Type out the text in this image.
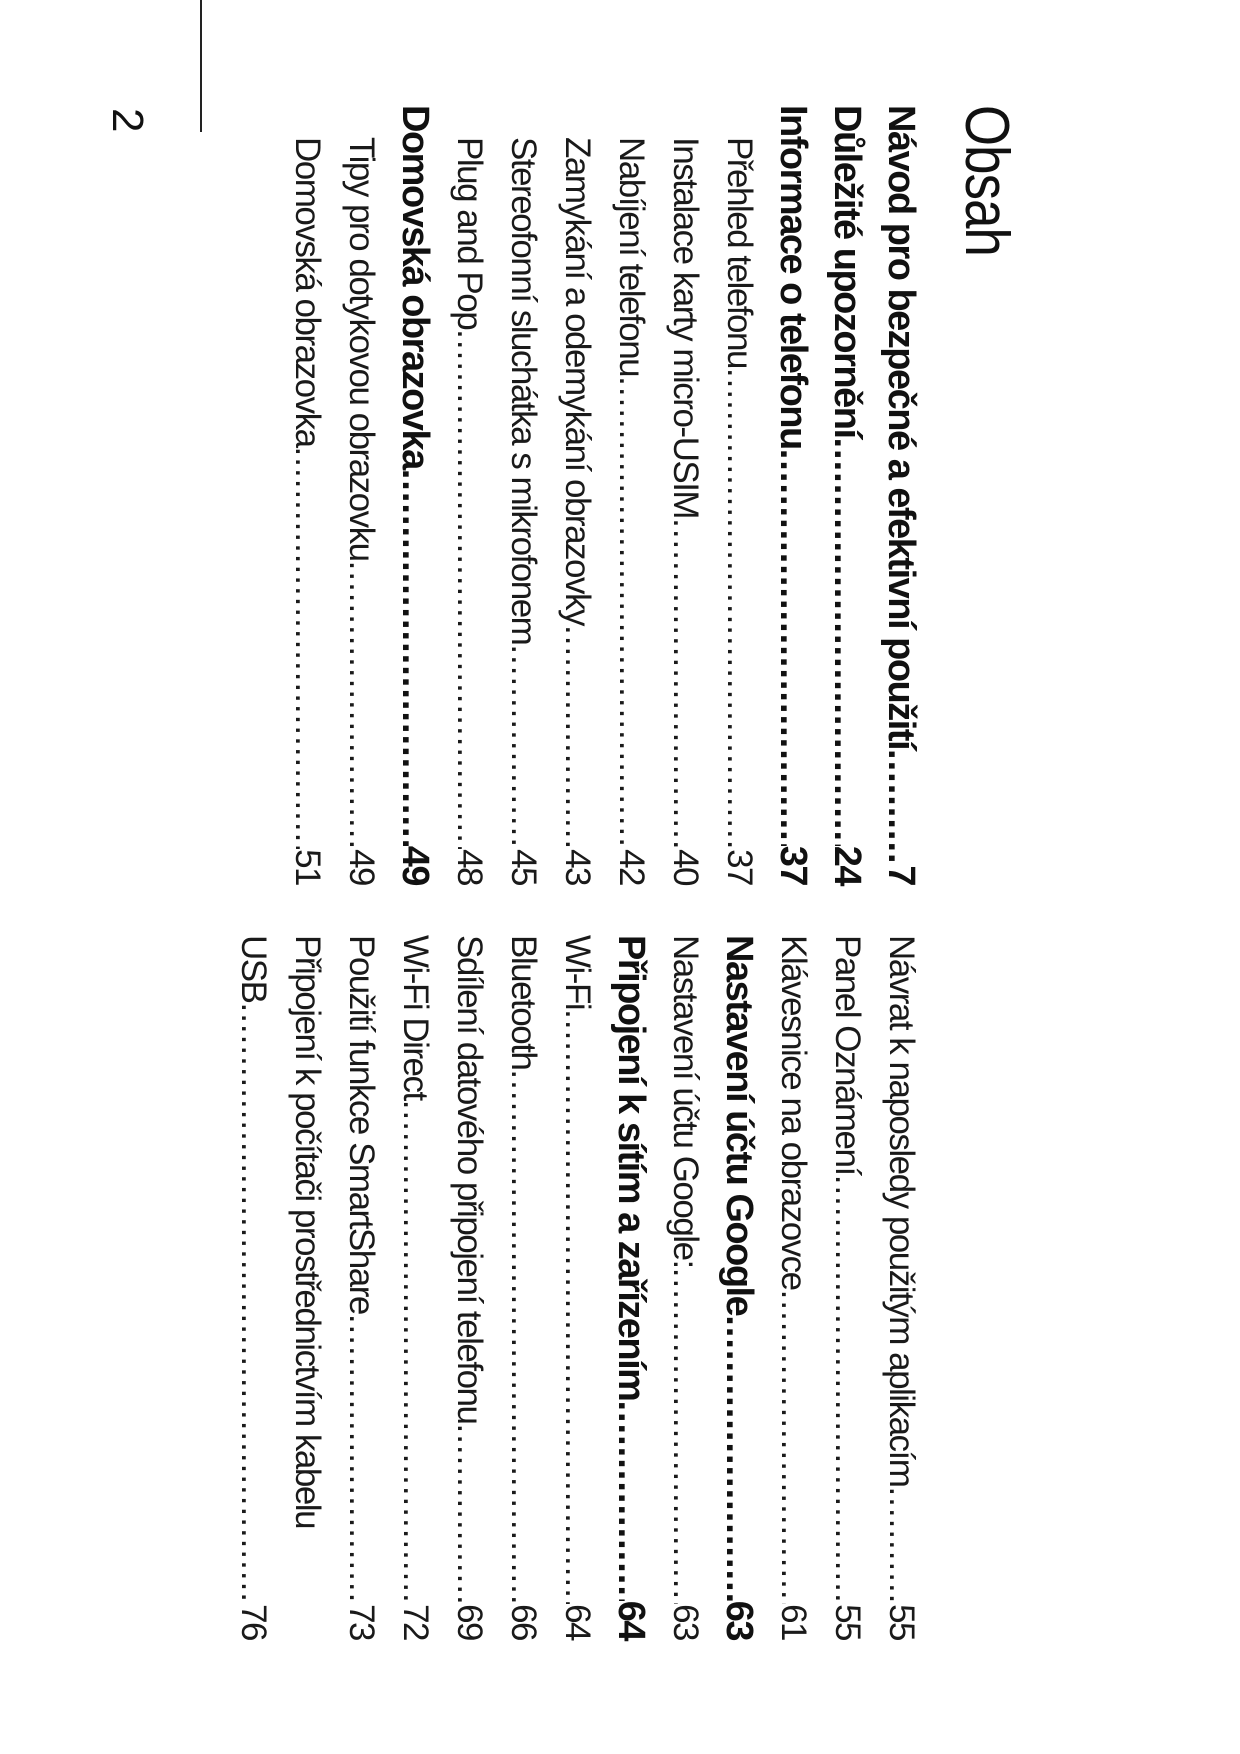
Obsah
Návod pro bezpečné a efektivní použití
.....
7
Důležité upozornění
.....
24
Informace o telefonu
.....
37
Přehled telefonu
.....
37
Instalace karty micro-USIM
.....
40
Nabíjení telefonu
.....
42
Zamykání a odemykání obrazovky
.....
43
Stereofonní sluchátka s mikrofonem
.....
45
Plug and Pop
.....
48
Domovská obrazovka
.....
49
Tipy pro dotykovou obrazovku
.....
49
Domovská obrazovka
.....
51
Návrat k naposledy použitým aplikacím
.....
55
Panel Oznámení
.....
55
Klávesnice na obrazovce
.....
61
Nastavení účtu Google
.....
63
Nastavení účtu Google:
.....
63
Připojení k sítím a zařízením
.....
64
Wi-Fi
.....
64
Bluetooth
.....
66
Sdílení datového připojení telefonu
.....
69
Wi-Fi Direct
.....
72
Použití funkce SmartShare
.....
73
Připojení k počítači prostřednictvím kabelu
USB
.....
76
2
